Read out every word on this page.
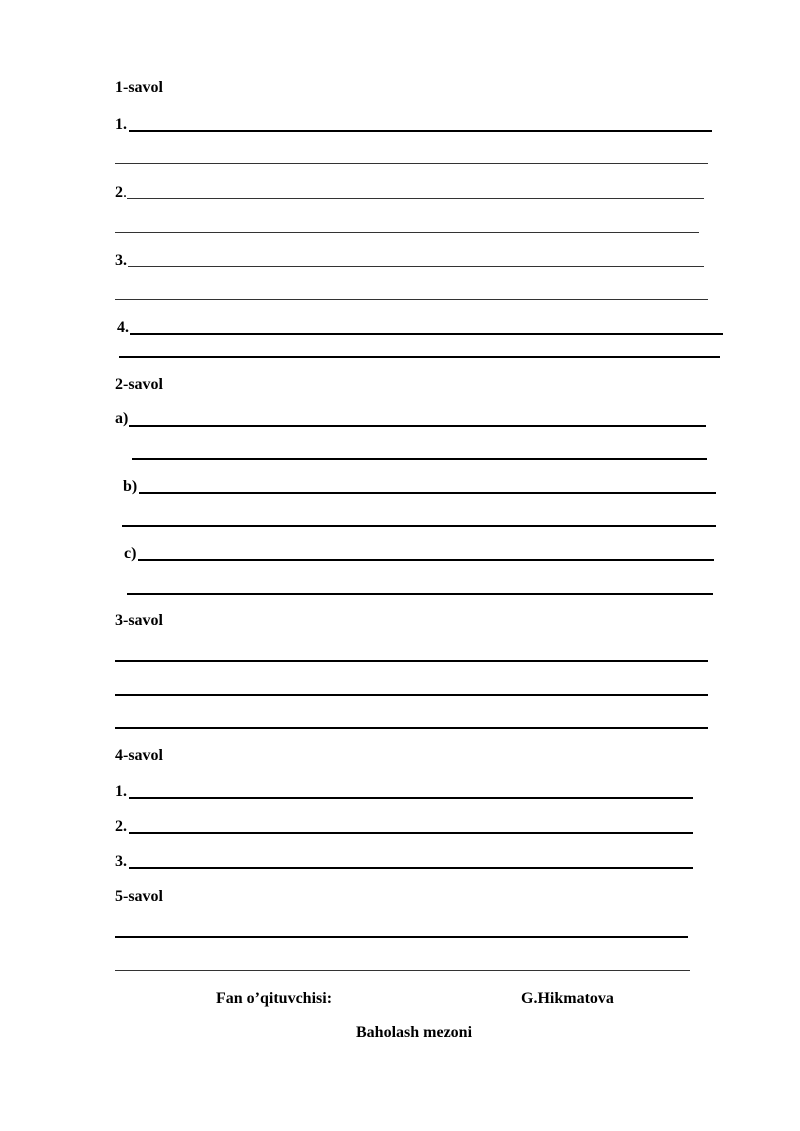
1-savol
1.
2.
3.
4.
2-savol
a)
b)
c)
3-savol
4-savol
1.
2.
3.
5-savol
Fan o’qituvchisi:	G.Hikmatova
Baholash mezoni
